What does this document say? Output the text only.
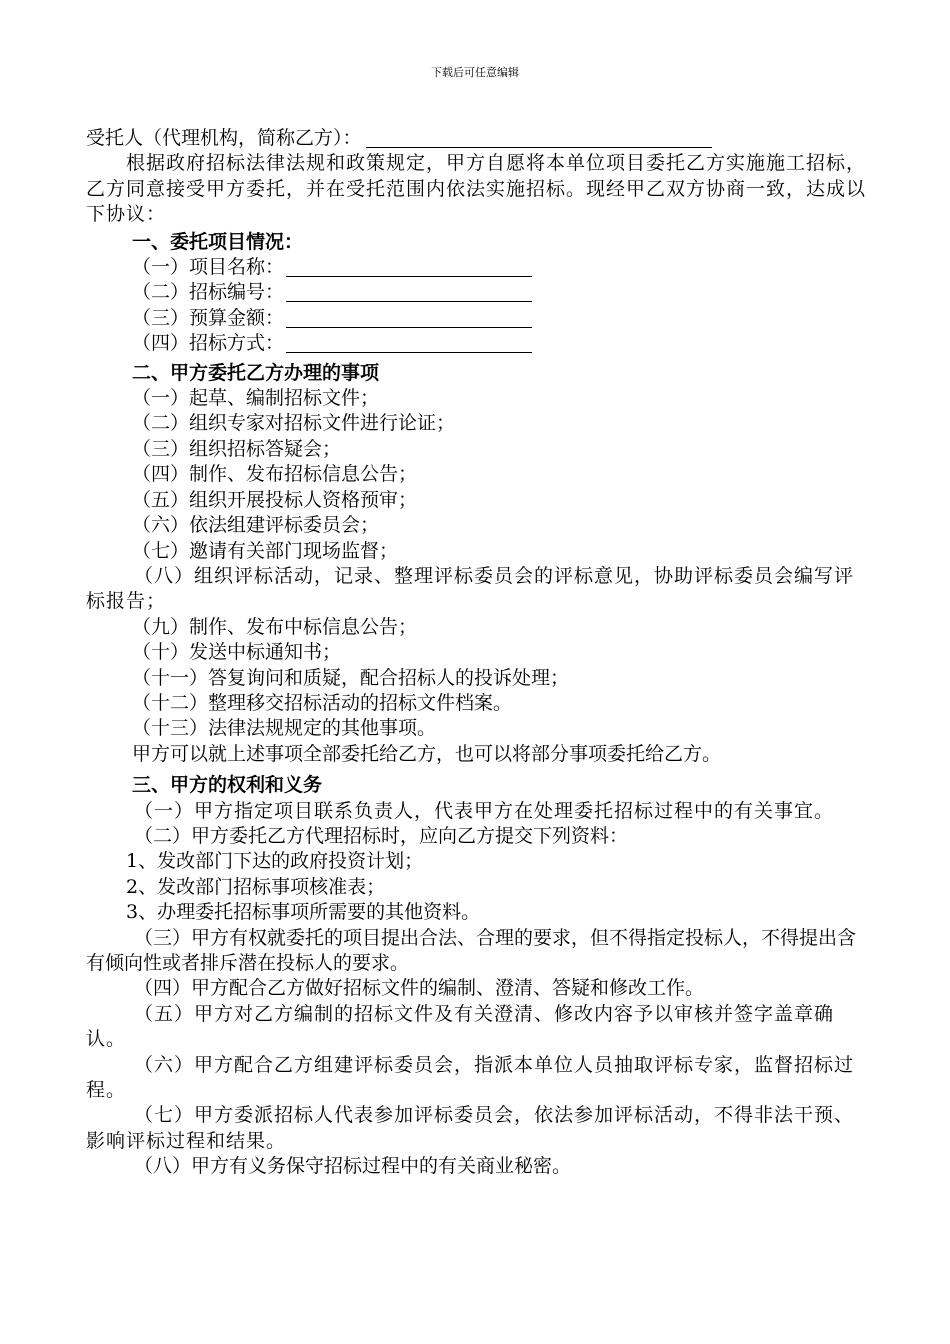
下载后可任意编辑

受托人（代理机构，简称乙方）：

根据政府招标法律法规和政策规定，甲方自愿将本单位项目委托乙方实施施工招标，乙方同意接受甲方委托，并在受托范围内依法实施招标。现经甲乙双方协商一致，达成以下协议：

一、委托项目情况：

（一）项目名称：

（二）招标编号：

（三）预算金额：

（四）招标方式：

二、甲方委托乙方办理的事项

（一）起草、编制招标文件；

（二）组织专家对招标文件进行论证；

（三）组织招标答疑会；

（四）制作、发布招标信息公告；

（五）组织开展投标人资格预审；

（六）依法组建评标委员会；

（七）邀请有关部门现场监督；

（八）组织评标活动，记录、整理评标委员会的评标意见，协助评标委员会编写评标报告；

（九）制作、发布中标信息公告；

（十）发送中标通知书；

（十一）答复询问和质疑，配合招标人的投诉处理；

（十二）整理移交招标活动的招标文件档案。

（十三）法律法规规定的其他事项。

甲方可以就上述事项全部委托给乙方，也可以将部分事项委托给乙方。

三、甲方的权利和义务

（一）甲方指定项目联系负责人，代表甲方在处理委托招标过程中的有关事宜。

（二）甲方委托乙方代理招标时，应向乙方提交下列资料：

1、发改部门下达的政府投资计划；

2、发改部门招标事项核准表；

3、办理委托招标事项所需要的其他资料。

（三）甲方有权就委托的项目提出合法、合理的要求，但不得指定投标人，不得提出含有倾向性或者排斥潜在投标人的要求。

（四）甲方配合乙方做好招标文件的编制、澄清、答疑和修改工作。

（五）甲方对乙方编制的招标文件及有关澄清、修改内容予以审核并签字盖章确认。

（六）甲方配合乙方组建评标委员会，指派本单位人员抽取评标专家，监督招标过程。

（七）甲方委派招标人代表参加评标委员会，依法参加评标活动，不得非法干预、影响评标过程和结果。

（八）甲方有义务保守招标过程中的有关商业秘密。
